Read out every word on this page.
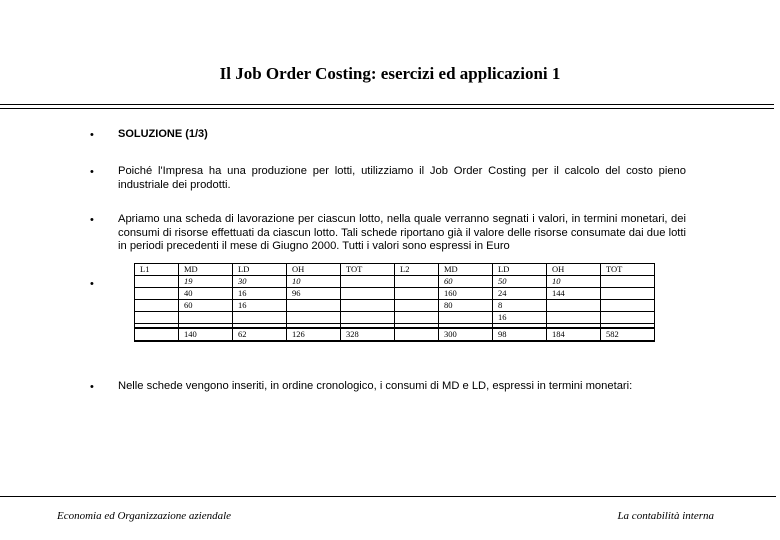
Il Job Order Costing: esercizi ed applicazioni 1
• SOLUZIONE (1/3)
• Poiché l'Impresa ha una produzione per lotti, utilizziamo il Job Order Costing per il calcolo del costo pieno industriale dei prodotti.
• Apriamo una scheda di lavorazione per ciascun lotto, nella quale verranno segnati i valori, in termini monetari, dei consumi di risorse effettuati da ciascun lotto. Tali schede riportano già il valore delle risorse consumate dai due lotti in periodi precedenti il mese di Giugno 2000. Tutti i valori sono espressi in Euro
•
L1	MD	LD	OH	TOT	L2	MD	LD	OH	TOT
	19	30	10			60	50	10	
	40	16	96			160	24	144	
	60	16				80	8		
							16		

	140	62	126	328		300	98	184	582
• Nelle schede vengono inseriti, in ordine cronologico, i consumi di MD e LD, espressi in termini monetari:
Economia ed Organizzazione aziendale	La contabilità interna
